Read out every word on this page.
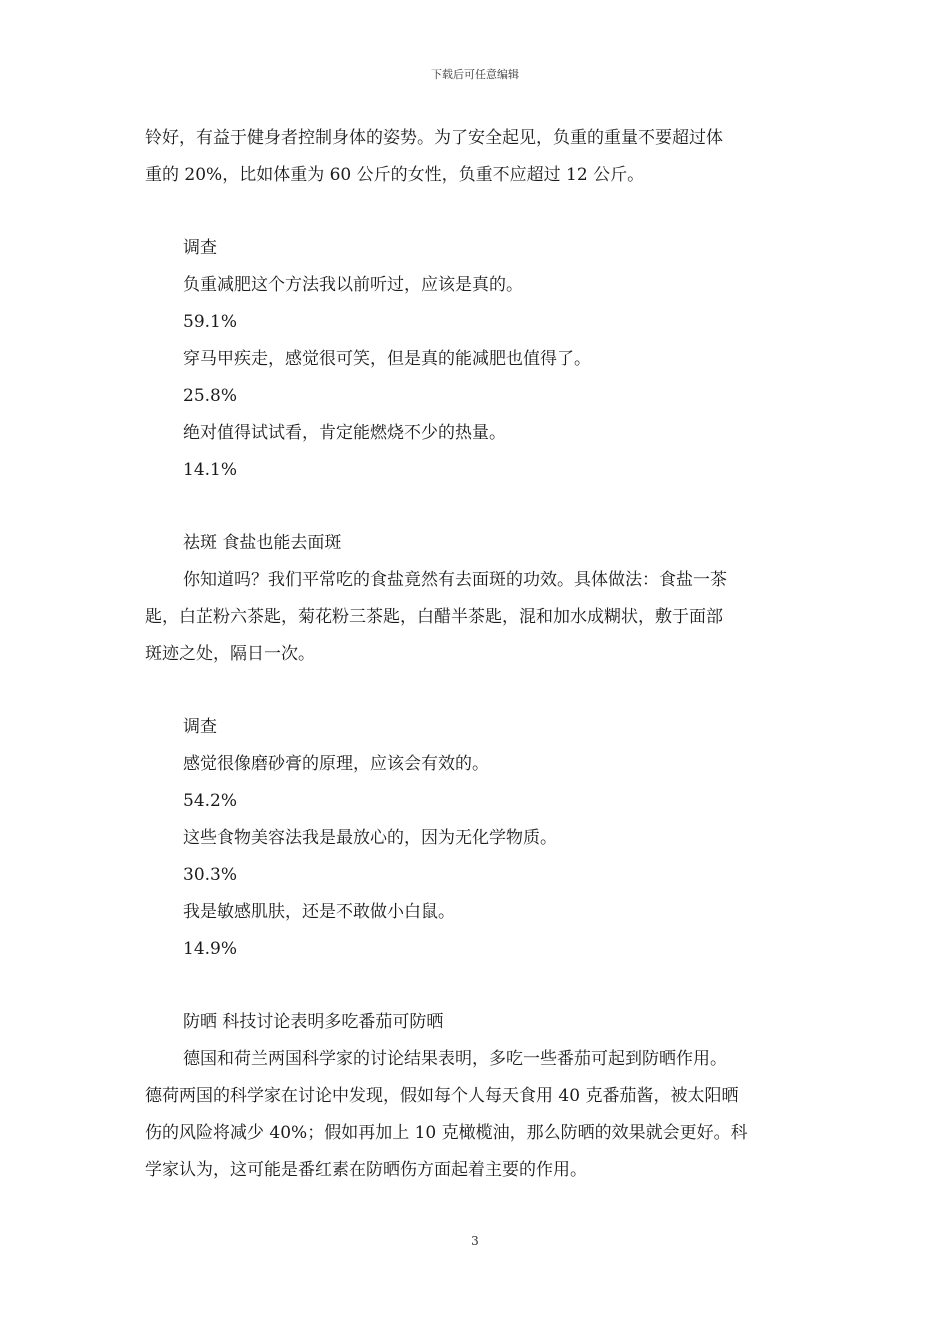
下载后可任意编辑
铃好，有益于健身者控制身体的姿势。为了安全起见，负重的重量不要超过体
重的 20%，比如体重为 60 公斤的女性，负重不应超过 12 公斤。
调查
负重减肥这个方法我以前听过，应该是真的。
59.1%
穿马甲疾走，感觉很可笑，但是真的能减肥也值得了。
25.8%
绝对值得试试看，肯定能燃烧不少的热量。
14.1%
祛斑 食盐也能去面斑
你知道吗？我们平常吃的食盐竟然有去面斑的功效。具体做法：食盐一茶
匙，白芷粉六茶匙，菊花粉三茶匙，白醋半茶匙，混和加水成糊状，敷于面部
斑迹之处，隔日一次。
调查
感觉很像磨砂膏的原理，应该会有效的。
54.2%
这些食物美容法我是最放心的，因为无化学物质。
30.3%
我是敏感肌肤，还是不敢做小白鼠。
14.9%
防晒 科技讨论表明多吃番茄可防晒
德国和荷兰两国科学家的讨论结果表明，多吃一些番茄可起到防晒作用。
德荷两国的科学家在讨论中发现，假如每个人每天食用 40 克番茄酱，被太阳晒
伤的风险将减少 40%；假如再加上 10 克橄榄油，那么防晒的效果就会更好。科
学家认为，这可能是番红素在防晒伤方面起着主要的作用。
3
